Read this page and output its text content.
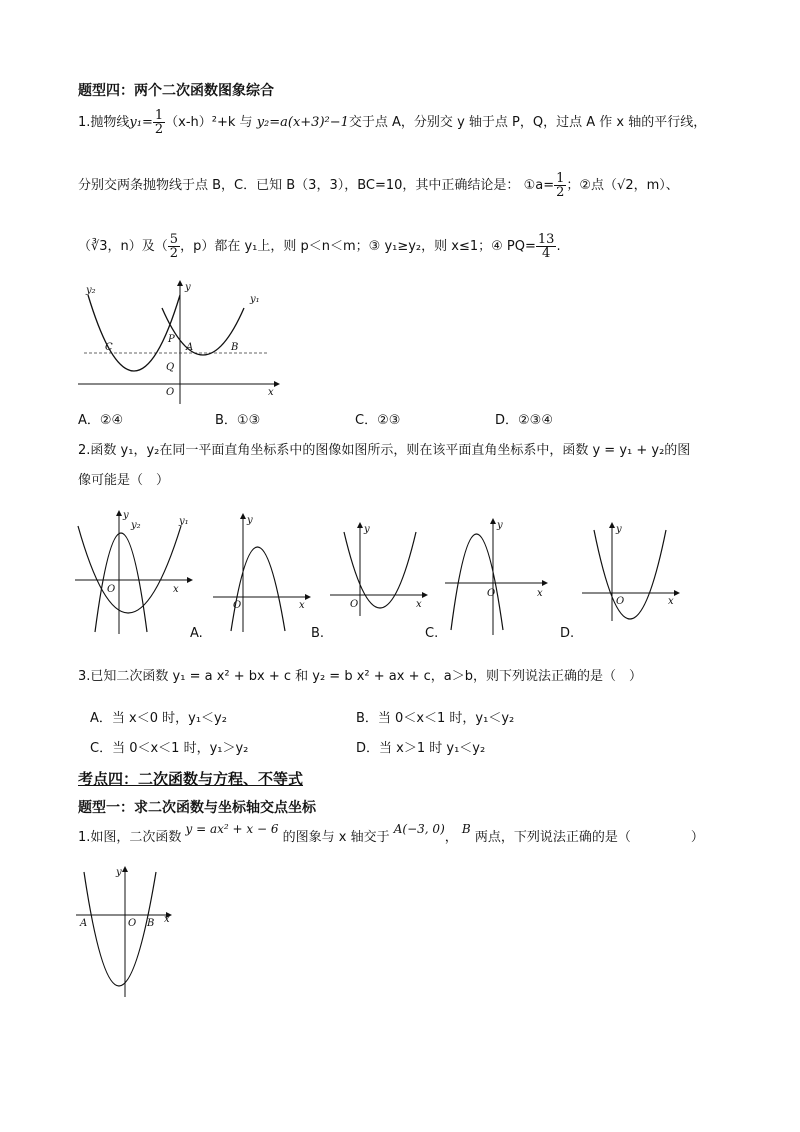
题型四：两个二次函数图象综合
1.抛物线$y_1= \frac{1}{2} (x-h)^2+k$ 与 y₂=a(x+3)²−1交于点 A，分别交 y 轴于点 P，Q，过点 A 作 x 轴的平行线，
分别交两条抛物线于点 B，C．已知 B（3，3），BC=10，其中正确结论是： ①a= $\frac{1}{2}$ ；②点（√2，m）、
（∛3，n）及（ $\frac{5}{2}$ ，p）都在 y₁上，则 p＜n＜m；③ y₁≥y₂，则 x≤1；④ $PQ= \frac{13}{4}$ .
y₂	y
y₁
P
A	B
C
Q
O	x
A．②④	B．①③	C．②③	D．②③④
2.函数 y₁，y₂在同一平面直角坐标系中的图像如图所示，则在该平面直角坐标系中，函数 y = y₁ + y₂的图
像可能是（　）
y
y₂	y₁
O	x
y
O	x
A.
y
O	x
B.
y
O	x
C.
y
O	x
D.
3.已知二次函数 y₁ = a x² + bx + c 和 y₂ = b x² + ax + c，a＞b，则下列说法正确的是（　）
A．当 x＜0 时，y₁＜y₂	B．当 0＜x＜1 时，y₁＜y₂
C．当 0＜x＜1 时，y₁＞y₂	D．当 x＞1 时 y₁＜y₂
考点四：二次函数与方程、不等式
题型一：求二次函数与坐标轴交点坐标
1.如图，二次函数 y = ax² + x − 6 的图象与 x 轴交于 A(−3, 0)， B 两点，下列说法正确的是（	）
y
A	O B x
